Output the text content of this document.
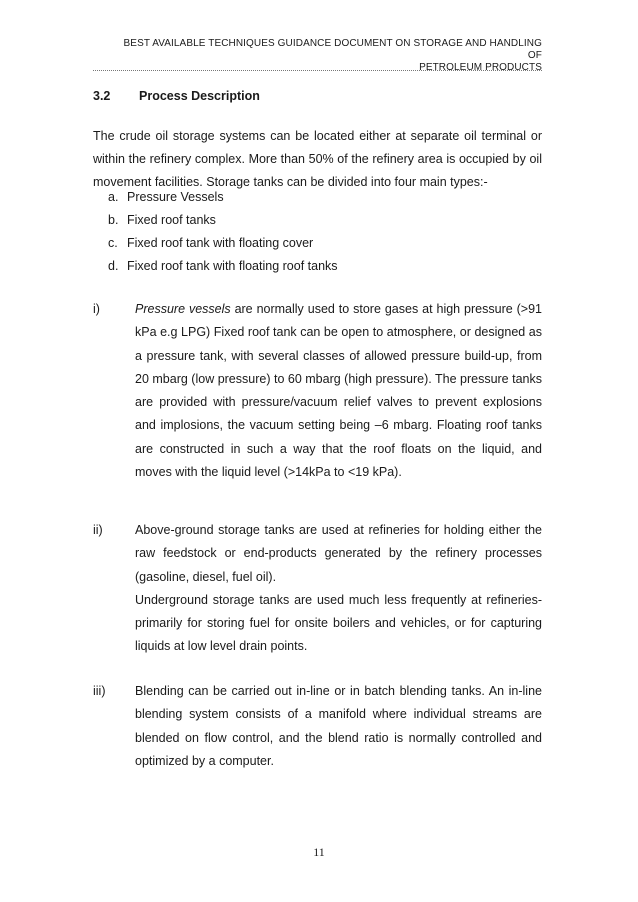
BEST AVAILABLE TECHNIQUES GUIDANCE DOCUMENT ON STORAGE AND HANDLING OF
PETROLEUM PRODUCTS
3.2 Process Description

The crude oil storage systems can be located either at separate oil terminal or within the refinery complex. More than 50% of the refinery area is occupied by oil movement facilities. Storage tanks can be divided into four main types:-

a. Pressure Vessels
b. Fixed roof tanks
c. Fixed roof tank with floating cover
d. Fixed roof tank with floating roof tanks
i)	Pressure vessels are normally used to store gases at high pressure (>91 kPa e.g LPG) Fixed roof tank can be open to atmosphere, or designed as a pressure tank, with several classes of allowed pressure build-up, from 20 mbarg (low pressure) to 60 mbarg (high pressure). The pressure tanks are provided with pressure/vacuum relief valves to prevent explosions and implosions, the vacuum setting being –6 mbarg. Floating roof tanks are constructed in such a way that the roof floats on the liquid, and moves with the liquid level (>14kPa to <19 kPa).

ii)	Above-ground storage tanks are used at refineries for holding either the raw feedstock or end-products generated by the refinery processes (gasoline, diesel, fuel oil).

Underground storage tanks are used much less frequently at refineries- primarily for storing fuel for onsite boilers and vehicles, or for capturing liquids at low level drain points.

iii) Blending can be carried out in-line or in batch blending tanks. An in-line blending system consists of a manifold where individual streams are blended on flow control, and the blend ratio is normally controlled and optimized by a computer.

11
